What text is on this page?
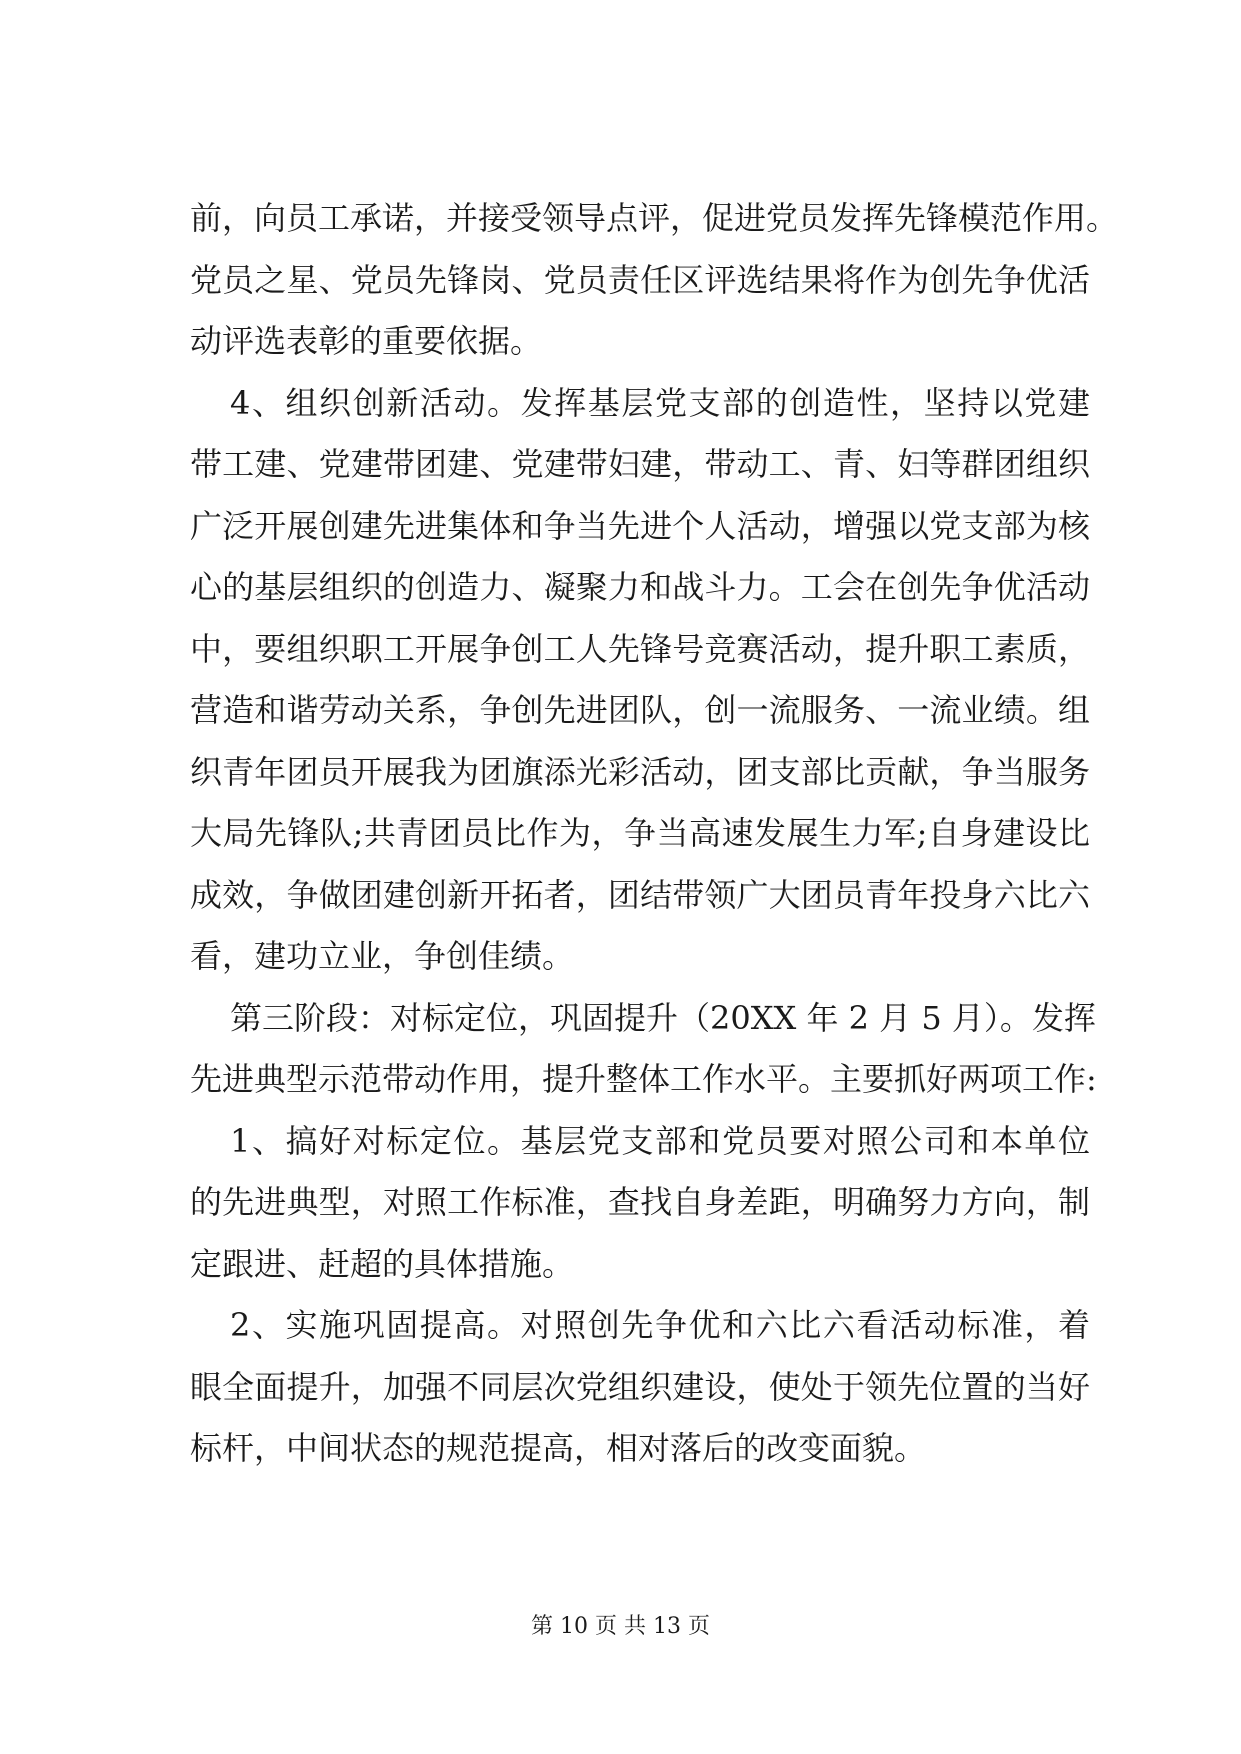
前，向员工承诺，并接受领导点评，促进党员发挥先锋模范作用。
党员之星、党员先锋岗、党员责任区评选结果将作为创先争优活
动评选表彰的重要依据。
4、组织创新活动。发挥基层党支部的创造性，坚持以党建
带工建、党建带团建、党建带妇建，带动工、青、妇等群团组织
广泛开展创建先进集体和争当先进个人活动，增强以党支部为核
心的基层组织的创造力、凝聚力和战斗力。工会在创先争优活动
中，要组织职工开展争创工人先锋号竞赛活动，提升职工素质，
营造和谐劳动关系，争创先进团队，创一流服务、一流业绩。组
织青年团员开展我为团旗添光彩活动，团支部比贡献，争当服务
大局先锋队;共青团员比作为，争当高速发展生力军;自身建设比
成效，争做团建创新开拓者，团结带领广大团员青年投身六比六
看，建功立业，争创佳绩。
第三阶段：对标定位，巩固提升（20XX 年 2 月 5 月）。发挥
先进典型示范带动作用，提升整体工作水平。主要抓好两项工作:
1、搞好对标定位。基层党支部和党员要对照公司和本单位
的先进典型，对照工作标准，查找自身差距，明确努力方向，制
定跟进、赶超的具体措施。
2、实施巩固提高。对照创先争优和六比六看活动标准，着
眼全面提升，加强不同层次党组织建设，使处于领先位置的当好
标杆，中间状态的规范提高，相对落后的改变面貌。
第 10 页 共 13 页
